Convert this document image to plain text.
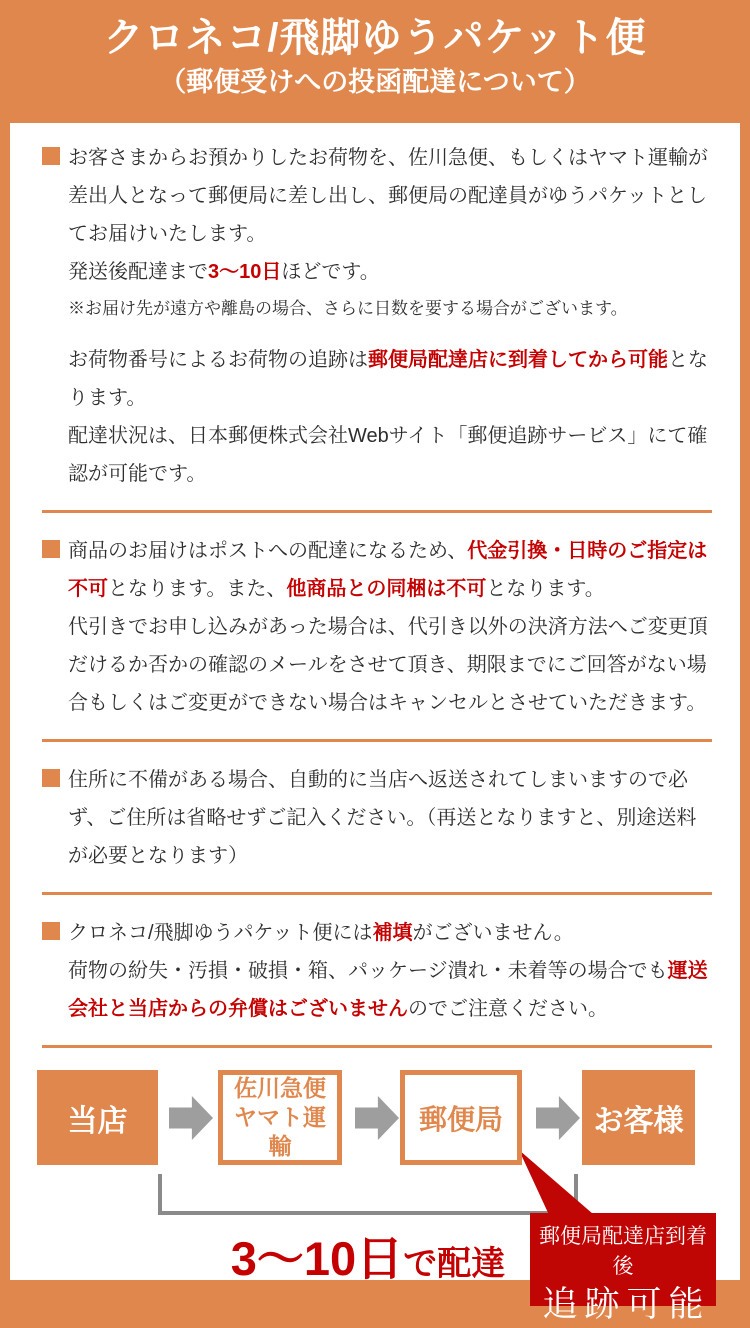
クロネコ/飛脚ゆうパケット便
（郵便受けへの投函配達について）

お客さまからお預かりしたお荷物を、佐川急便、もしくはヤマト運輸が差出人となって郵便局に差し出し、郵便局の配達員がゆうパケットとしてお届けいたします。

発送後配達まで3〜10日ほどです。

※お届け先が遠方や離島の場合、さらに日数を要する場合がございます。

お荷物番号によるお荷物の追跡は郵便局配達店に到着してから可能となります。

配達状況は、日本郵便株式会社Webサイト「郵便追跡サービス」にて確認が可能です。

商品のお届けはポストへの配達になるため、代金引換・日時のご指定は不可となります。また、他商品との同梱は不可となります。

代引きでお申し込みがあった場合は、代引き以外の決済方法へご変更頂だけるか否かの確認のメールをさせて頂き、期限までにご回答がない場合もしくはご変更ができない場合はキャンセルとさせていただきます。

住所に不備がある場合、自動的に当店へ返送されてしまいますので必ず、ご住所は省略せずご記入ください。（再送となりますと、別途送料が必要となります）

クロネコ/飛脚ゆうパケット便には補填がございません。

荷物の紛失・汚損・破損・箱、パッケージ潰れ・未着等の場合でも運送会社と当店からの弁償はございませんのでご注意ください。

当店
佐川急便
ヤマト運輸
郵便局	お客様
3〜10日で配達
郵便局配達店到着後
追跡可能
